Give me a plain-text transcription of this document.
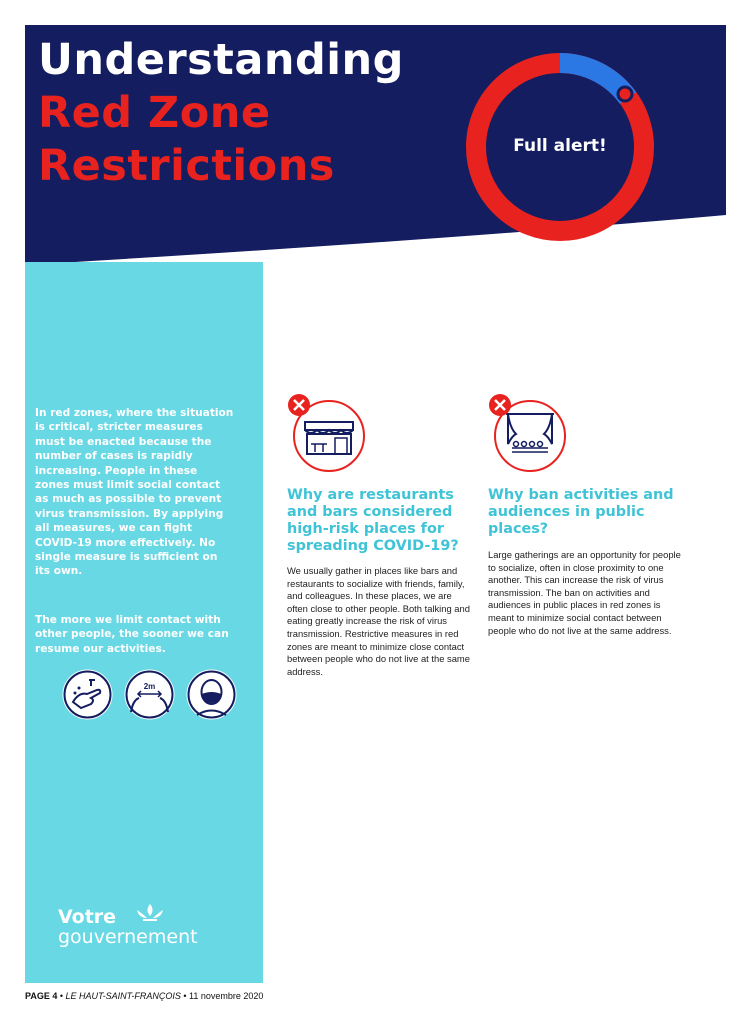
Understanding
Red Zone
Restrictions	Full alert!

In red zones, where the situation is critical, stricter measures must be enacted because the number of cases is rapidly increasing. People in these zones must limit social contact as much as possible to prevent virus transmission. By applying all measures, we can fight COVID-19 more effectively. No single measure is sufficient on its own.

The more we limit contact with other people, the sooner we can resume our activities.

2m
Votre
gouvernement
Why are restaurants and bars considered high-risk places for spreading COVID-19?

We usually gather in places like bars and restaurants to socialize with friends, family, and colleagues. In these places, we are often close to other people. Both talking and eating greatly increase the risk of virus transmission. Restrictive measures in red zones are meant to minimize close contact between people who do not live at the same address.

Why ban activities and audiences in public places?

Large gatherings are an opportunity for people to socialize, often in close proximity to one another. This can increase the risk of virus transmission. The ban on activities and audiences in public places in red zones is meant to minimize social contact between people who do not live at the same address.

PAGE 4 • LE HAUT-SAINT-FRANÇOIS • 11 novembre 2020
